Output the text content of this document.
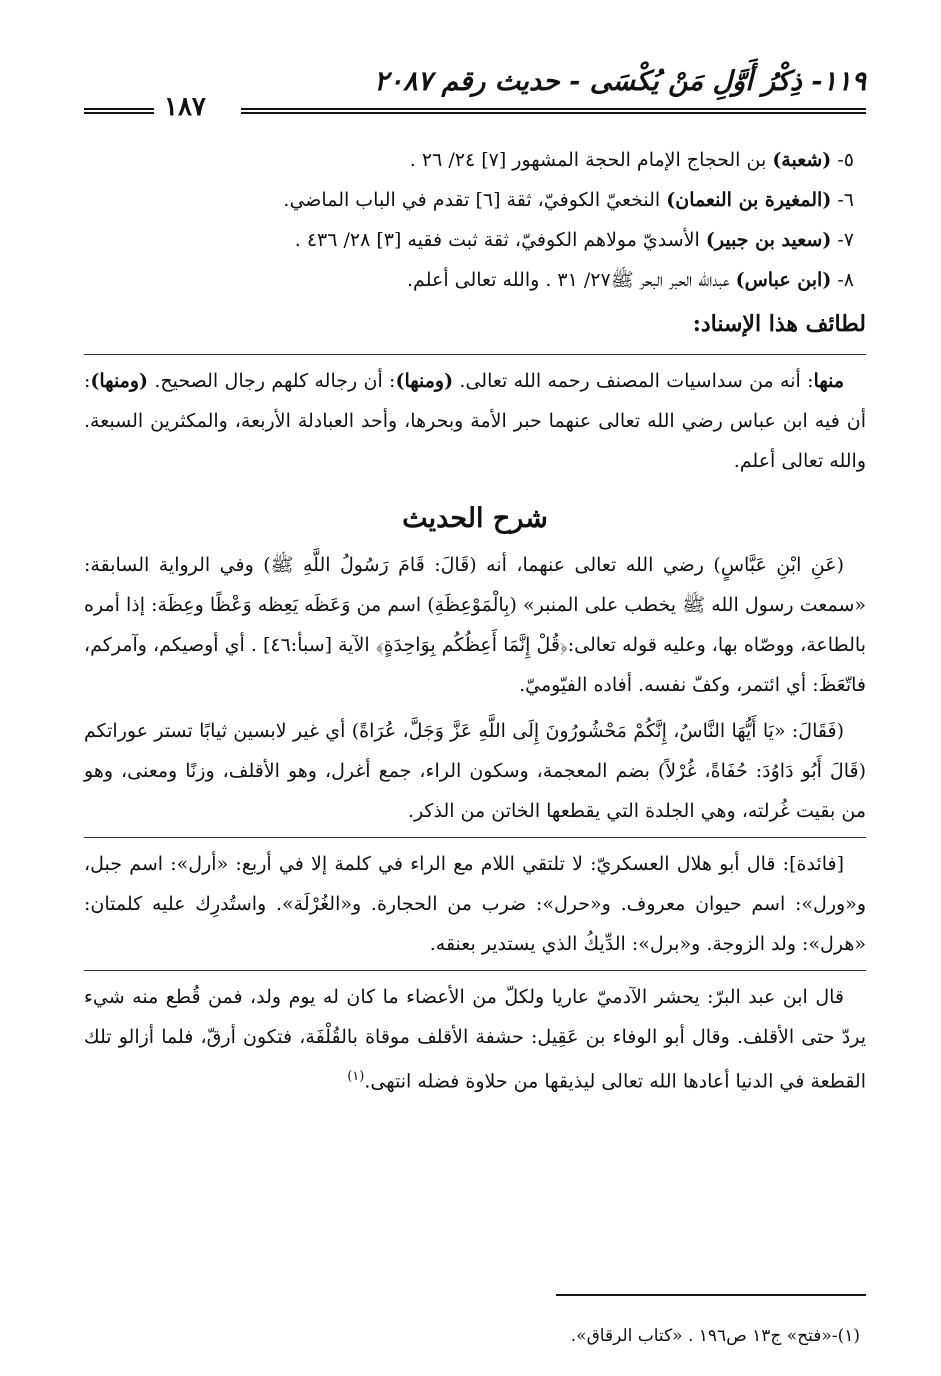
١١٩- ذِكْرُ أَوَّلِ مَنْ يُكْسَى - حديث رقم ٢٠٨٧
١٨٧
٥- (شعبة) بن الحجاج الإمام الحجة المشهور [٧] ٢٤/ ٢٦ .
٦- (المغيرة بن النعمان) النخعيّ الكوفيّ، ثقة [٦] تقدم في الباب الماضي.
٧- (سعيد بن جبير) الأسديّ مولاهم الكوفيّ، ثقة ثبت فقيه [٣] ٢٨/ ٤٣٦ .
٨- (ابن عباس) عبدالله الحبر البحر ﷺ٢٧/ ٣١ . والله تعالى أعلم.
لطائف هذا الإسناد:

منها: أنه من سداسيات المصنف رحمه الله تعالى. (ومنها): أن رجاله كلهم رجال الصحيح. (ومنها): أن فيه ابن عباس رضي الله تعالى عنهما حبر الأمة وبحرها، وأحد العبادلة الأربعة، والمكثرين السبعة. والله تعالى أعلم.

شرح الحديث

(عَنِ ابْنِ عَبَّاسٍ) رضي الله تعالى عنهما، أنه (قَالَ: قَامَ رَسُولُ اللَّهِ ﷺ) وفي الرواية السابقة: «سمعت رسول الله ﷺ يخطب على المنبر» (بِالْمَوْعِظَةِ) اسم من وَعَظَه يَعِظه وَعْظًا وعِظَة: إذا أمره بالطاعة، ووصّاه بها، وعليه قوله تعالى:﴿قُلْ إِنَّمَا أَعِظُكُم بِوَاحِدَةٍ﴾ الآية [سبأ:٤٦] . أي أوصيكم، وآمركم، فاتّعَظَ: أي ائتمر، وكفّ نفسه. أفاده الفيّوميّ.

(فَقَالَ: «يَا أَيُّهَا النَّاسُ، إِنَّكُمْ مَحْشُورُونَ إِلَى اللَّهِ عَزَّ وَجَلَّ، عُرَاةً) أي غير لابسين ثيابًا تستر عوراتكم (قَالَ أَبُو دَاوُدَ: حُفَاةً، غُرْلاً) بضم المعجمة، وسكون الراء، جمع أغرل، وهو الأقلف، وزنًا ومعنى، وهو من بقيت غُرلته، وهي الجلدة التي يقطعها الخاتن من الذكر.

[فائدة]: قال أبو هلال العسكريّ: لا تلتقي اللام مع الراء في كلمة إلا في أربع: «أرل»: اسم جبل، و«ورل»: اسم حيوان معروف. و«حرل»: ضرب من الحجارة. و«الغُرْلَة». واستُدرِك عليه كلمتان: «هرل»: ولد الزوجة. و«برل»: الدِّيكُ الذي يستدير بعنقه.

قال ابن عبد البرّ: يحشر الآدميّ عاريا ولكلّ من الأعضاء ما كان له يوم ولد، فمن قُطع منه شيء يردّ حتى الأقلف. وقال أبو الوفاء بن عَقِيل: حشفة الأقلف موقاة بالقُلْفَة، فتكون أرقّ، فلما أزالو تلك القطعة في الدنيا أعادها الله تعالى ليذيقها من حلاوة فضله انتهى.$^{(١)}$

(١)-«فتح» ج١٣ ص١٩٦ . «كتاب الرقاق».
